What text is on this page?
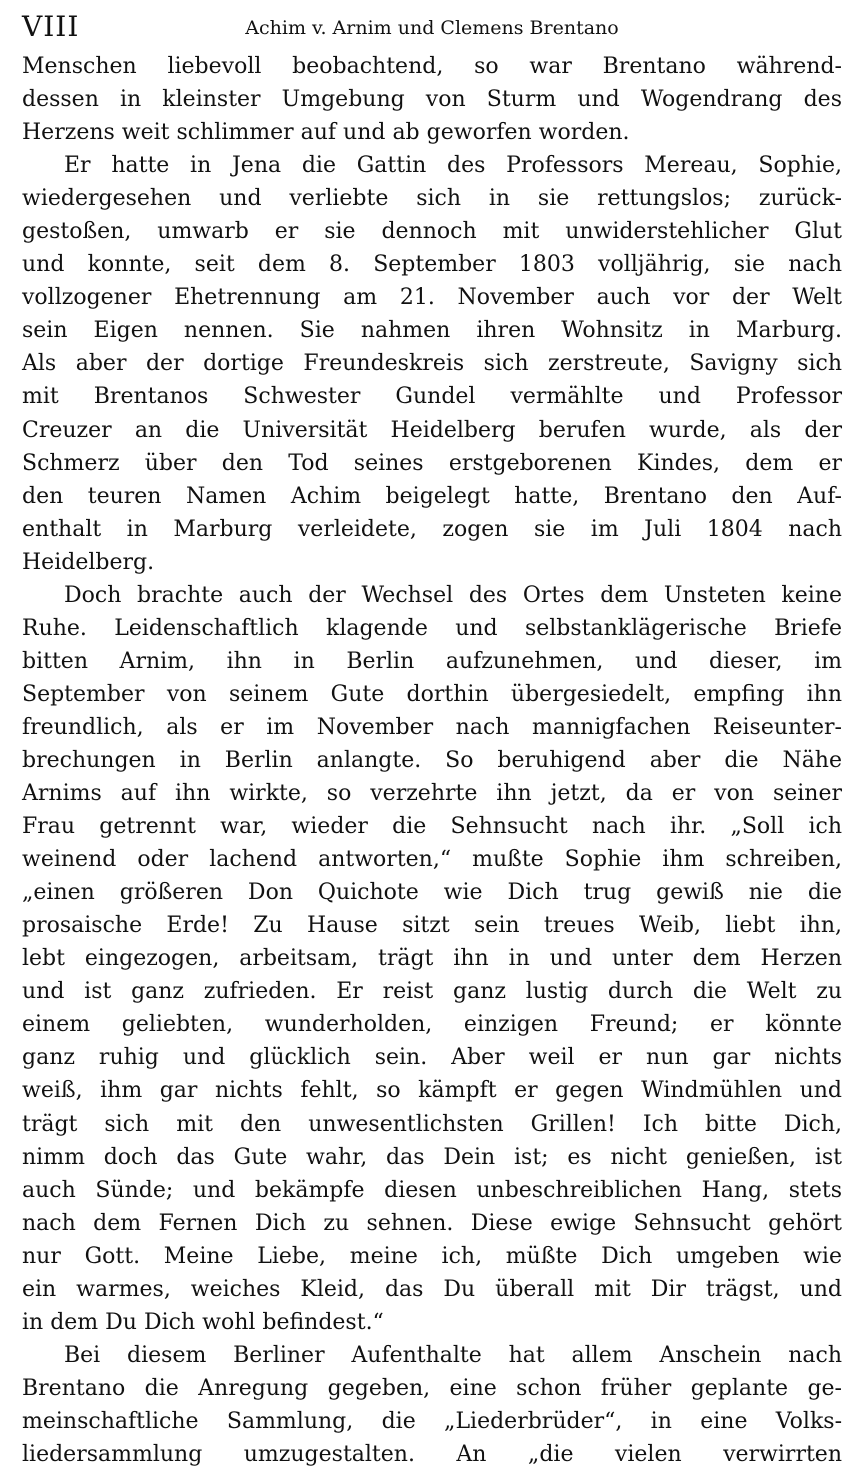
VIII	Achim v. Arnim und Clemens Brentano
Menschen liebevoll beobachtend, so war Brentano während-
dessen in kleinster Umgebung von Sturm und Wogendrang des
Herzens weit schlimmer auf und ab geworfen worden.
Er hatte in Jena die Gattin des Professors Mereau, Sophie,
wiedergesehen und verliebte sich in sie rettungslos; zurück-
gestoßen, umwarb er sie dennoch mit unwiderstehlicher Glut
und konnte, seit dem 8. September 1803 volljährig, sie nach
vollzogener Ehetrennung am 21. November auch vor der Welt
sein Eigen nennen. Sie nahmen ihren Wohnsitz in Marburg.
Als aber der dortige Freundeskreis sich zerstreute, Savigny sich
mit Brentanos Schwester Gundel vermählte und Professor
Creuzer an die Universität Heidelberg berufen wurde, als der
Schmerz über den Tod seines erstgeborenen Kindes, dem er
den teuren Namen Achim beigelegt hatte, Brentano den Auf-
enthalt in Marburg verleidete, zogen sie im Juli 1804 nach
Heidelberg.
Doch brachte auch der Wechsel des Ortes dem Unsteten keine
Ruhe. Leidenschaftlich klagende und selbstanklägerische Briefe
bitten Arnim, ihn in Berlin aufzunehmen, und dieser, im
September von seinem Gute dorthin übergesiedelt, empfing ihn
freundlich, als er im November nach mannigfachen Reiseunter-
brechungen in Berlin anlangte. So beruhigend aber die Nähe
Arnims auf ihn wirkte, so verzehrte ihn jetzt, da er von seiner
Frau getrennt war, wieder die Sehnsucht nach ihr. „Soll ich
weinend oder lachend antworten,“ mußte Sophie ihm schreiben,
„einen größeren Don Quichote wie Dich trug gewiß nie die
prosaische Erde! Zu Hause sitzt sein treues Weib, liebt ihn,
lebt eingezogen, arbeitsam, trägt ihn in und unter dem Herzen
und ist ganz zufrieden. Er reist ganz lustig durch die Welt zu
einem geliebten, wunderholden, einzigen Freund; er könnte
ganz ruhig und glücklich sein. Aber weil er nun gar nichts
weiß, ihm gar nichts fehlt, so kämpft er gegen Windmühlen und
trägt sich mit den unwesentlichsten Grillen! Ich bitte Dich,
nimm doch das Gute wahr, das Dein ist; es nicht genießen, ist
auch Sünde; und bekämpfe diesen unbeschreiblichen Hang, stets
nach dem Fernen Dich zu sehnen. Diese ewige Sehnsucht gehört
nur Gott. Meine Liebe, meine ich, müßte Dich umgeben wie
ein warmes, weiches Kleid, das Du überall mit Dir trägst, und
in dem Du Dich wohl befindest.“
Bei diesem Berliner Aufenthalte hat allem Anschein nach
Brentano die Anregung gegeben, eine schon früher geplante ge-
meinschaftliche Sammlung, die „Liederbrüder“, in eine Volks-
liedersammlung umzugestalten. An „die vielen verwirrten
